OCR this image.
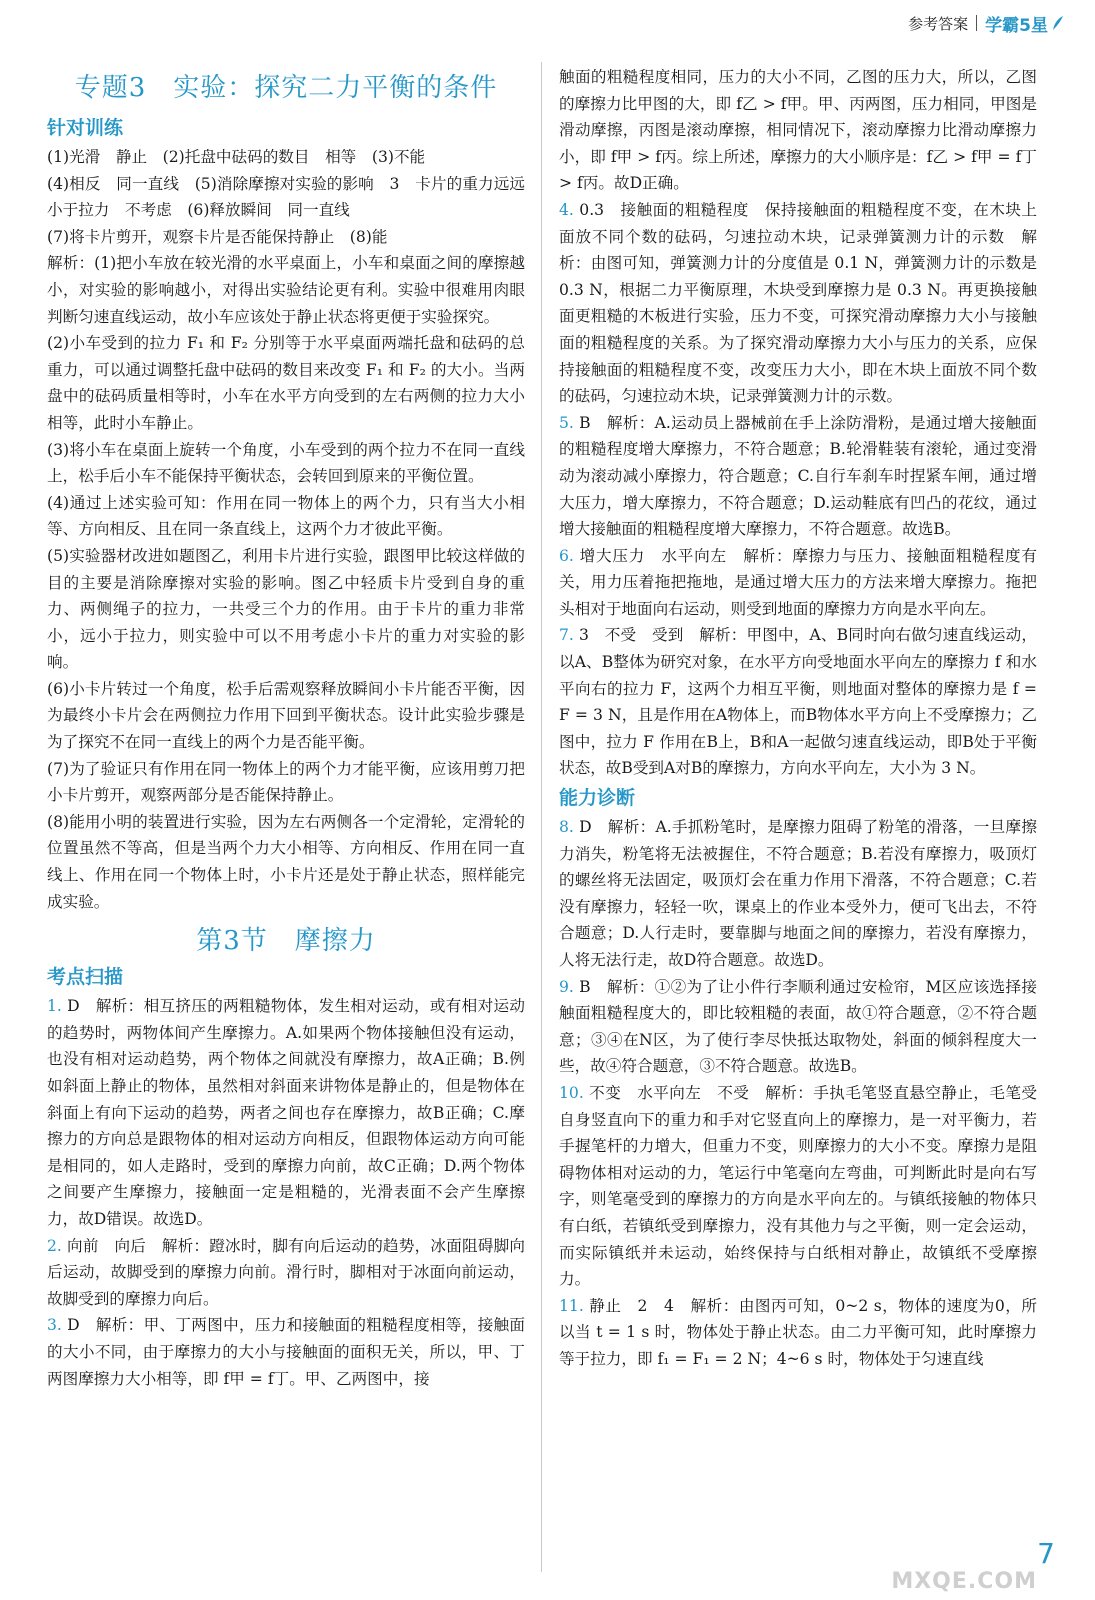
参考答案 学霸5星
专题3　实验：探究二力平衡的条件
针对训练

(1)光滑　静止　(2)托盘中砝码的数目　相等　(3)不能

(4)相反　同一直线　(5)消除摩擦对实验的影响　3　卡片的重力远远小于拉力　不考虑　(6)释放瞬间　同一直线

(7)将卡片剪开，观察卡片是否能保持静止　(8)能

解析：(1)把小车放在较光滑的水平桌面上，小车和桌面之间的摩擦越小，对实验的影响越小，对得出实验结论更有利。实验中很难用肉眼判断匀速直线运动，故小车应该处于静止状态将更便于实验探究。

(2)小车受到的拉力 F₁ 和 F₂ 分别等于水平桌面两端托盘和砝码的总重力，可以通过调整托盘中砝码的数目来改变 F₁ 和 F₂ 的大小。当两盘中的砝码质量相等时，小车在水平方向受到的左右两侧的拉力大小相等，此时小车静止。

(3)将小车在桌面上旋转一个角度，小车受到的两个拉力不在同一直线上，松手后小车不能保持平衡状态，会转回到原来的平衡位置。

(4)通过上述实验可知：作用在同一物体上的两个力，只有当大小相等、方向相反、且在同一条直线上，这两个力才彼此平衡。

(5)实验器材改进如题图乙，利用卡片进行实验，跟图甲比较这样做的目的主要是消除摩擦对实验的影响。图乙中轻质卡片受到自身的重力、两侧绳子的拉力，一共受三个力的作用。由于卡片的重力非常小，远小于拉力，则实验中可以不用考虑小卡片的重力对实验的影响。

(6)小卡片转过一个角度，松手后需观察释放瞬间小卡片能否平衡，因为最终小卡片会在两侧拉力作用下回到平衡状态。设计此实验步骤是为了探究不在同一直线上的两个力是否能平衡。

(7)为了验证只有作用在同一物体上的两个力才能平衡，应该用剪刀把小卡片剪开，观察两部分是否能保持静止。

(8)能用小明的装置进行实验，因为左右两侧各一个定滑轮，定滑轮的位置虽然不等高，但是当两个力大小相等、方向相反、作用在同一直线上、作用在同一个物体上时，小卡片还是处于静止状态，照样能完成实验。

第3节　摩擦力
考点扫描

1. D　解析：相互挤压的两粗糙物体，发生相对运动，或有相对运动的趋势时，两物体间产生摩擦力。A.如果两个物体接触但没有运动，也没有相对运动趋势，两个物体之间就没有摩擦力，故A正确；B.例如斜面上静止的物体，虽然相对斜面来讲物体是静止的，但是物体在斜面上有向下运动的趋势，两者之间也存在摩擦力，故B正确；C.摩擦力的方向总是跟物体的相对运动方向相反，但跟物体运动方向可能是相同的，如人走路时，受到的摩擦力向前，故C正确；D.两个物体之间要产生摩擦力，接触面一定是粗糙的，光滑表面不会产生摩擦力，故D错误。故选D。

2. 向前　向后　解析：蹬冰时，脚有向后运动的趋势，冰面阻碍脚向后运动，故脚受到的摩擦力向前。滑行时，脚相对于冰面向前运动，故脚受到的摩擦力向后。

3. D　解析：甲、丁两图中，压力和接触面的粗糙程度相等，接触面的大小不同，由于摩擦力的大小与接触面的面积无关，所以，甲、丁两图摩擦力大小相等，即 f甲 = f丁。甲、乙两图中，接

触面的粗糙程度相同，压力的大小不同，乙图的压力大，所以，乙图的摩擦力比甲图的大，即 f乙 > f甲。甲、丙两图，压力相同，甲图是滑动摩擦，丙图是滚动摩擦，相同情况下，滚动摩擦力比滑动摩擦力小，即 f甲 > f丙。综上所述，摩擦力的大小顺序是：f乙 > f甲 = f丁 > f丙。故D正确。

4. 0.3　接触面的粗糙程度　保持接触面的粗糙程度不变，在木块上面放不同个数的砝码，匀速拉动木块，记录弹簧测力计的示数　解析：由图可知，弹簧测力计的分度值是 0.1 N，弹簧测力计的示数是 0.3 N，根据二力平衡原理，木块受到摩擦力是 0.3 N。再更换接触面更粗糙的木板进行实验，压力不变，可探究滑动摩擦力大小与接触面的粗糙程度的关系。为了探究滑动摩擦力大小与压力的关系，应保持接触面的粗糙程度不变，改变压力大小，即在木块上面放不同个数的砝码，匀速拉动木块，记录弹簧测力计的示数。

5. B　解析：A.运动员上器械前在手上涂防滑粉，是通过增大接触面的粗糙程度增大摩擦力，不符合题意；B.轮滑鞋装有滚轮，通过变滑动为滚动减小摩擦力，符合题意；C.自行车刹车时捏紧车闸，通过增大压力，增大摩擦力，不符合题意；D.运动鞋底有凹凸的花纹，通过增大接触面的粗糙程度增大摩擦力，不符合题意。故选B。

6. 增大压力　水平向左　解析：摩擦力与压力、接触面粗糙程度有关，用力压着拖把拖地，是通过增大压力的方法来增大摩擦力。拖把头相对于地面向右运动，则受到地面的摩擦力方向是水平向左。

7. 3　不受　受到　解析：甲图中，A、B同时向右做匀速直线运动，以A、B整体为研究对象，在水平方向受地面水平向左的摩擦力 f 和水平向右的拉力 F，这两个力相互平衡，则地面对整体的摩擦力是 f = F = 3 N，且是作用在A物体上，而B物体水平方向上不受摩擦力；乙图中，拉力 F 作用在B上，B和A一起做匀速直线运动，即B处于平衡状态，故B受到A对B的摩擦力，方向水平向左，大小为 3 N。

能力诊断

8. D　解析：A.手抓粉笔时，是摩擦力阻碍了粉笔的滑落，一旦摩擦力消失，粉笔将无法被握住，不符合题意；B.若没有摩擦力，吸顶灯的螺丝将无法固定，吸顶灯会在重力作用下滑落，不符合题意；C.若没有摩擦力，轻轻一吹，课桌上的作业本受外力，便可飞出去，不符合题意；D.人行走时，要靠脚与地面之间的摩擦力，若没有摩擦力，人将无法行走，故D符合题意。故选D。

9. B　解析：①②为了让小件行李顺利通过安检帘，M区应该选择接触面粗糙程度大的，即比较粗糙的表面，故①符合题意，②不符合题意；③④在N区，为了使行李尽快抵达取物处，斜面的倾斜程度大一些，故④符合题意，③不符合题意。故选B。

10. 不变　水平向左　不受　解析：手执毛笔竖直悬空静止，毛笔受自身竖直向下的重力和手对它竖直向上的摩擦力，是一对平衡力，若手握笔杆的力增大，但重力不变，则摩擦力的大小不变。摩擦力是阻碍物体相对运动的力，笔运行中笔毫向左弯曲，可判断此时是向右写字，则笔毫受到的摩擦力的方向是水平向左的。与镇纸接触的物体只有白纸，若镇纸受到摩擦力，没有其他力与之平衡，则一定会运动，而实际镇纸并未运动，始终保持与白纸相对静止，故镇纸不受摩擦力。

11. 静止　2　4　解析：由图丙可知，0~2 s，物体的速度为0，所以当 t = 1 s 时，物体处于静止状态。由二力平衡可知，此时摩擦力等于拉力，即 f₁ = F₁ = 2 N；4~6 s 时，物体处于匀速直线

MXQE.COM
7
